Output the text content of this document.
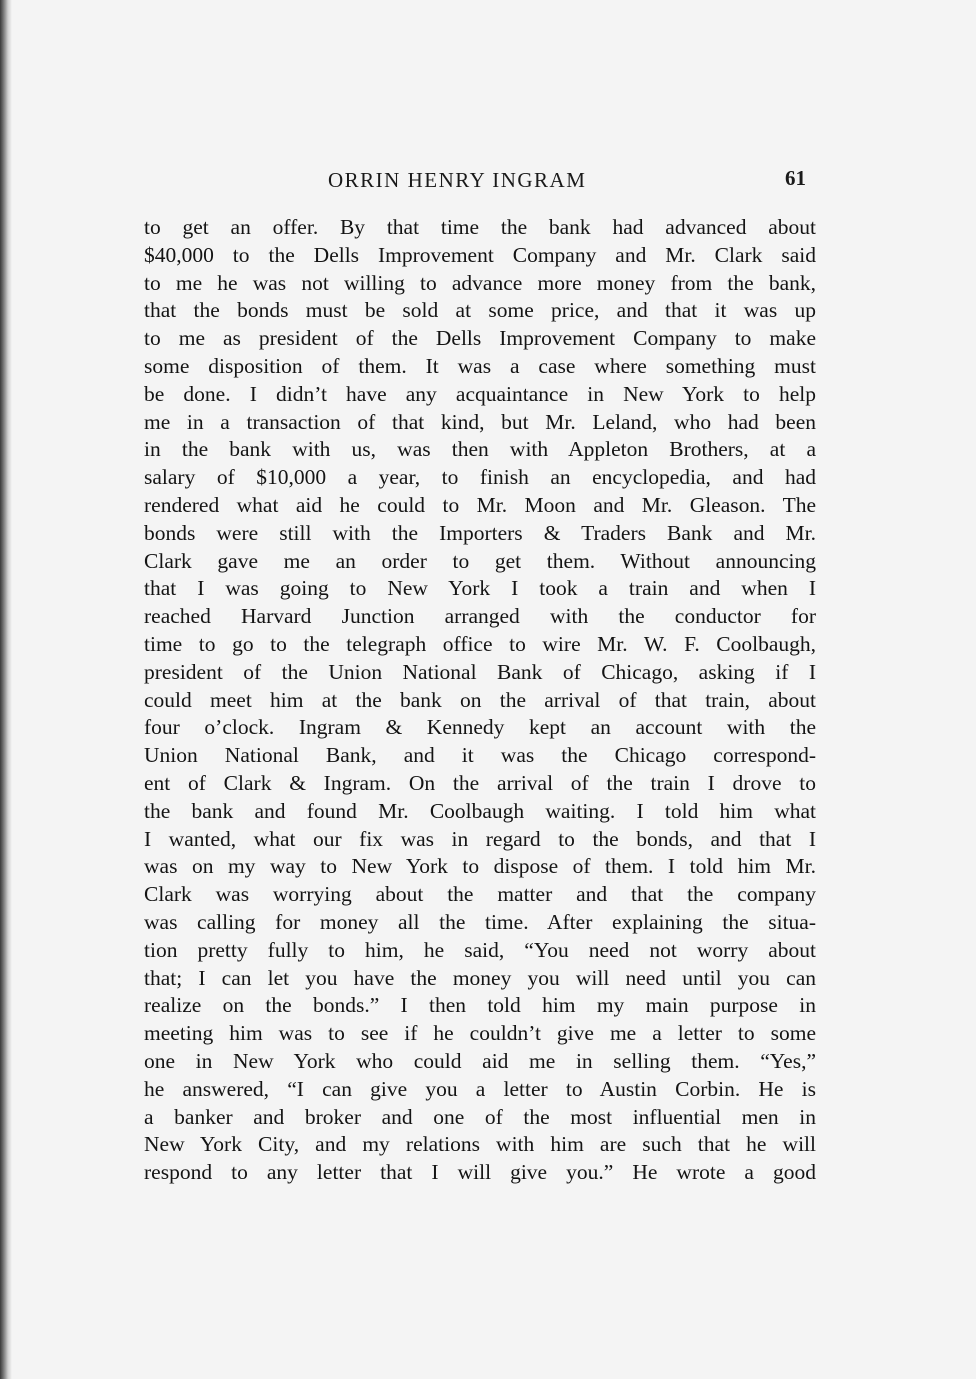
ORRIN HENRY INGRAM	61
to get an offer. By that time the bank had advanced about
$40,000 to the Dells Improvement Company and Mr. Clark said
to me he was not willing to advance more money from the bank,
that the bonds must be sold at some price, and that it was up
to me as president of the Dells Improvement Company to make
some disposition of them. It was a case where something must
be done. I didn’t have any acquaintance in New York to help
me in a transaction of that kind, but Mr. Leland, who had been
in the bank with us, was then with Appleton Brothers, at a
salary of $10,000 a year, to finish an encyclopedia, and had
rendered what aid he could to Mr. Moon and Mr. Gleason. The
bonds were still with the Importers & Traders Bank and Mr.
Clark gave me an order to get them. Without announcing
that I was going to New York I took a train and when I
reached Harvard Junction arranged with the conductor for
time to go to the telegraph office to wire Mr. W. F. Coolbaugh,
president of the Union National Bank of Chicago, asking if I
could meet him at the bank on the arrival of that train, about
four o’clock. Ingram & Kennedy kept an account with the
Union National Bank, and it was the Chicago correspond-
ent of Clark & Ingram. On the arrival of the train I drove to
the bank and found Mr. Coolbaugh waiting. I told him what
I wanted, what our fix was in regard to the bonds, and that I
was on my way to New York to dispose of them. I told him Mr.
Clark was worrying about the matter and that the company
was calling for money all the time. After explaining the situa-
tion pretty fully to him, he said, “You need not worry about
that; I can let you have the money you will need until you can
realize on the bonds.” I then told him my main purpose in
meeting him was to see if he couldn’t give me a letter to some
one in New York who could aid me in selling them. “Yes,”
he answered, “I can give you a letter to Austin Corbin. He is
a banker and broker and one of the most influential men in
New York City, and my relations with him are such that he will
respond to any letter that I will give you.” He wrote a good
